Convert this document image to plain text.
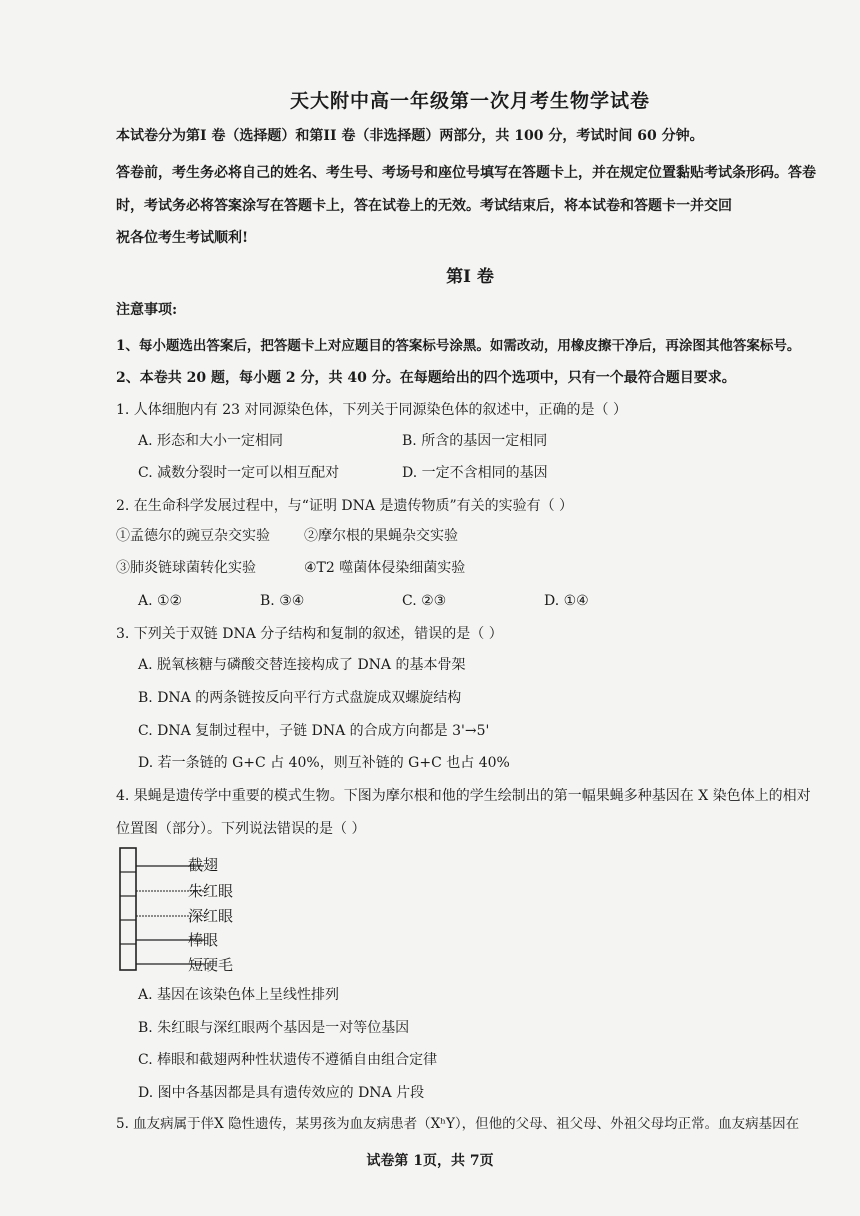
天大附中高一年级第一次月考生物学试卷
本试卷分为第I 卷（选择题）和第II 卷（非选择题）两部分，共 100 分，考试时间 60 分钟。
答卷前，考生务必将自己的姓名、考生号、考场号和座位号填写在答题卡上，并在规定位置黏贴考试条形码。答卷
时，考试务必将答案涂写在答题卡上，答在试卷上的无效。考试结束后，将本试卷和答题卡一并交回
祝各位考生考试顺利!
第I 卷
注意事项:
1、每小题选出答案后，把答题卡上对应题目的答案标号涂黑。如需改动，用橡皮擦干净后，再涂图其他答案标号。
2、本卷共 20 题，每小题 2 分，共 40 分。在每题给出的四个选项中，只有一个最符合题目要求。
1. 人体细胞内有 23 对同源染色体，下列关于同源染色体的叙述中，正确的是（ ）
A. 形态和大小一定相同	B. 所含的基因一定相同
C. 减数分裂时一定可以相互配对	D. 一定不含相同的基因
2. 在生命科学发展过程中，与“证明 DNA 是遗传物质”有关的实验有（ ）
①孟德尔的豌豆杂交实验 ②摩尔根的果蝇杂交实验
③肺炎链球菌转化实验	④T2 噬菌体侵染细菌实验
A. ①②	B. ③④	C. ②③	D. ①④
3. 下列关于双链 DNA 分子结构和复制的叙述，错误的是（ ）
A. 脱氧核糖与磷酸交替连接构成了 DNA 的基本骨架
B. DNA 的两条链按反向平行方式盘旋成双螺旋结构
C. DNA 复制过程中，子链 DNA 的合成方向都是 3'→5'
D. 若一条链的 G+C 占 40%，则互补链的 G+C 也占 40%
4. 果蝇是遗传学中重要的模式生物。下图为摩尔根和他的学生绘制出的第一幅果蝇多种基因在 X 染色体上的相对
位置图（部分）。下列说法错误的是（ ）
截翅
朱红眼
深红眼
棒眼
短硬毛
A. 基因在该染色体上呈线性排列
B. 朱红眼与深红眼两个基因是一对等位基因
C. 棒眼和截翅两种性状遗传不遵循自由组合定律
D. 图中各基因都是具有遗传效应的 DNA 片段
5. 血友病属于伴X 隐性遗传，某男孩为血友病患者（XʰY），但他的父母、祖父母、外祖父母均正常。血友病基因在
试卷第 1页，共 7页
